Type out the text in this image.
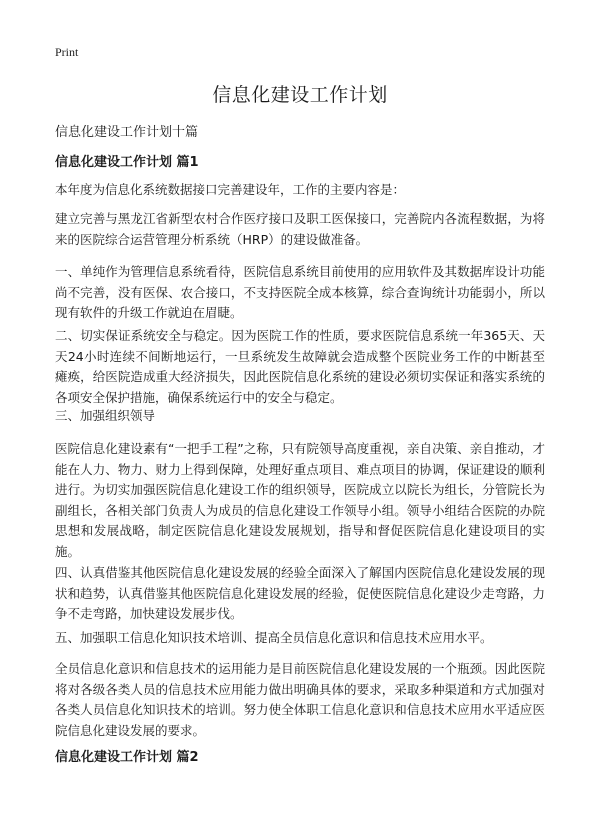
Print
信息化建设工作计划
信息化建设工作计划十篇
信息化建设工作计划 篇1

本年度为信息化系统数据接口完善建设年，工作的主要内容是：

建立完善与黑龙江省新型农村合作医疗接口及职工医保接口，完善院内各流程数据，为将来的医院综合运营管理分析系统（HRP）的建设做准备。

一、单纯作为管理信息系统看待，医院信息系统目前使用的应用软件及其数据库设计功能尚不完善，没有医保、农合接口，不支持医院全成本核算，综合查询统计功能弱小，所以现有软件的升级工作就迫在眉睫。

二、切实保证系统安全与稳定。因为医院工作的性质，要求医院信息系统一年365天、天天24小时连续不间断地运行，一旦系统发生故障就会造成整个医院业务工作的中断甚至瘫痪，给医院造成重大经济损失，因此医院信息化系统的建设必须切实保证和落实系统的各项安全保护措施，确保系统运行中的安全与稳定。

三、加强组织领导

医院信息化建设素有“一把手工程”之称，只有院领导高度重视，亲自决策、亲自推动，才能在人力、物力、财力上得到保障，处理好重点项目、难点项目的协调，保证建设的顺利进行。为切实加强医院信息化建设工作的组织领导，医院成立以院长为组长，分管院长为副组长，各相关部门负责人为成员的信息化建设工作领导小组。领导小组结合医院的办院思想和发展战略，制定医院信息化建设发展规划，指导和督促医院信息化建设项目的实施。

四、认真借鉴其他医院信息化建设发展的经验全面深入了解国内医院信息化建设发展的现状和趋势，认真借鉴其他医院信息化建设发展的经验，促使医院信息化建设少走弯路，力争不走弯路，加快建设发展步伐。

五、加强职工信息化知识技术培训、提高全员信息化意识和信息技术应用水平。

全员信息化意识和信息技术的运用能力是目前医院信息化建设发展的一个瓶颈。因此医院将对各级各类人员的信息技术应用能力做出明确具体的要求，采取多种渠道和方式加强对各类人员信息化知识技术的培训。努力使全体职工信息化意识和信息技术应用水平适应医院信息化建设发展的要求。

信息化建设工作计划 篇2
